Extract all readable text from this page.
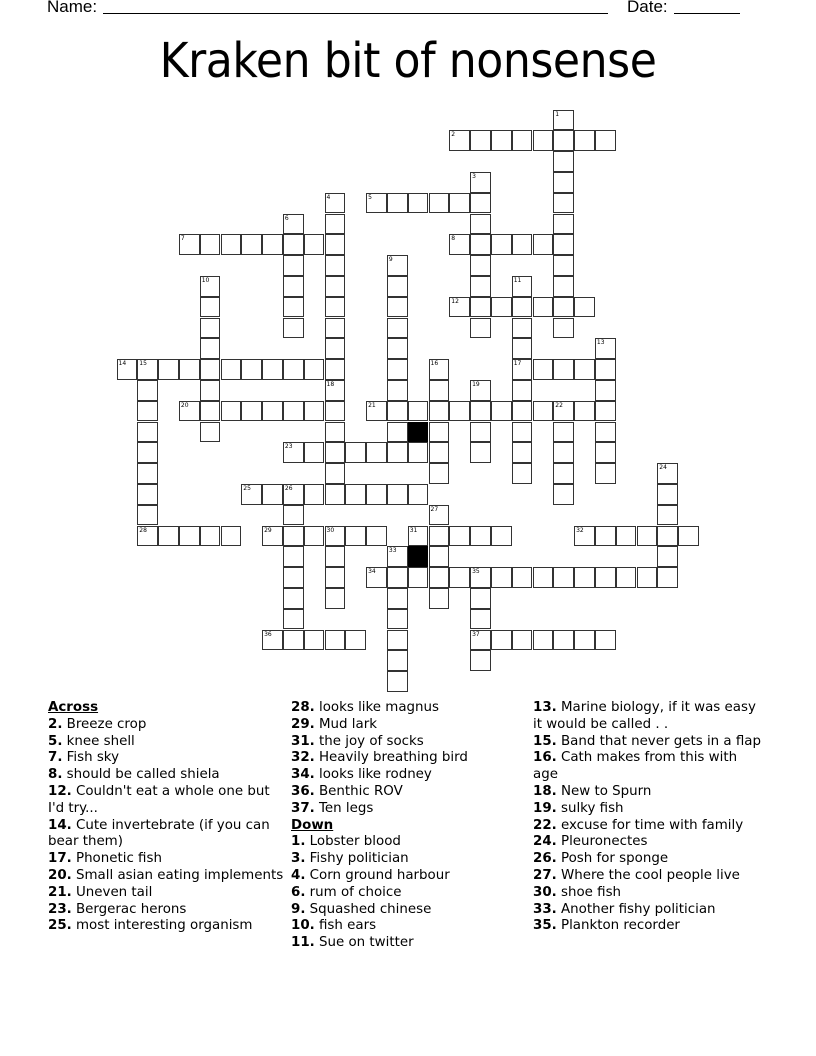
Name:	Date:
Kraken bit of nonsense
1
2
3
4	5
6
7	8
9
10	11
17
12
13
14 15
28
16
18	19
20	21	22
23
24
25	26
27
29	30	31	32
33
34	35
37
36
Across
2. Breeze crop
5. knee shell
7. Fish sky
8. should be called shiela
12. Couldn't eat a whole one but I'd try...
14. Cute invertebrate (if you can bear them)
17. Phonetic fish
20. Small asian eating implements
21. Uneven tail
23. Bergerac herons
25. most interesting organism
28. looks like magnus
29. Mud lark
31. the joy of socks
32. Heavily breathing bird
34. looks like rodney
36. Benthic ROV
37. Ten legs
Down
1. Lobster blood
3. Fishy politician
4. Corn ground harbour
6. rum of choice
9. Squashed chinese
10. fish ears
11. Sue on twitter
13. Marine biology, if it was easy it would be called . .
15. Band that never gets in a flap
16. Cath makes from this with age
18. New to Spurn
19. sulky fish
22. excuse for time with family
24. Pleuronectes
26. Posh for sponge
27. Where the cool people live
30. shoe fish
33. Another fishy politician
35. Plankton recorder
